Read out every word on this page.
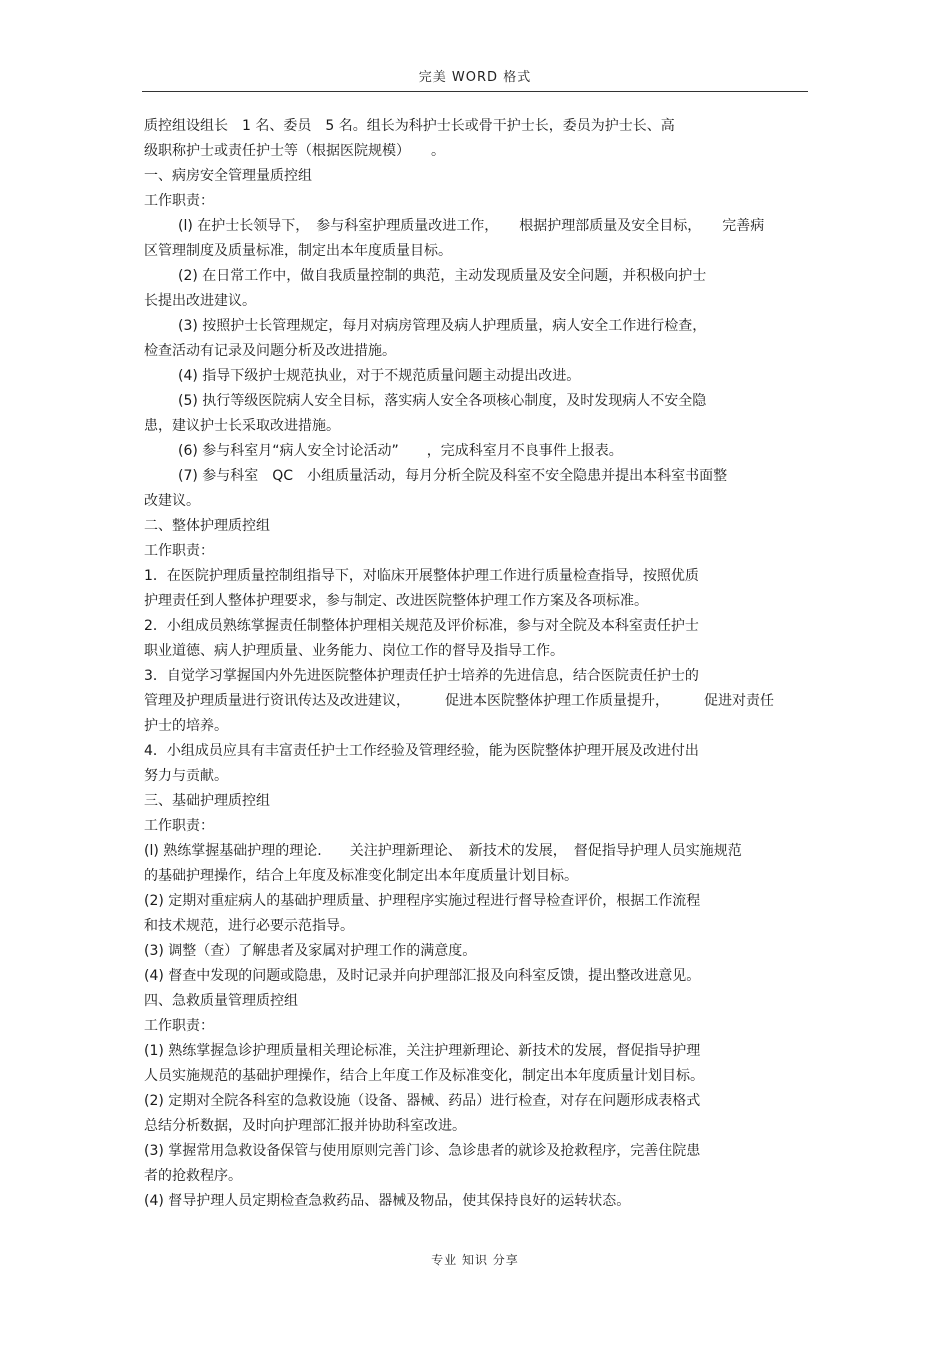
完美 WORD 格式
质控组设组长　1 名、委员　5 名。组长为科护士长或骨干护士长，委员为护士长、高
级职称护士或责任护士等（根据医院规模）　　。
一、病房安全管理量质控组
工作职责：
(l) 在护士长领导下，　参与科室护理质量改进工作，　　根据护理部质量及安全目标，　　完善病
区管理制度及质量标准，制定出本年度质量目标。
(2) 在日常工作中，做自我质量控制的典范，主动发现质量及安全问题，并积极向护士
长提出改进建议。
(3) 按照护士长管理规定，每月对病房管理及病人护理质量，病人安全工作进行检查，
检查活动有记录及问题分析及改进措施。
(4) 指导下级护士规范执业，对于不规范质量问题主动提出改进。
(5) 执行等级医院病人安全目标，落实病人安全各项核心制度，及时发现病人不安全隐
患，建议护士长采取改进措施。
(6) 参与科室月“病人安全讨论活动”　　，完成科室月不良事件上报表。
(7) 参与科室　QC　小组质量活动，每月分析全院及科室不安全隐患并提出本科室书面整
改建议。
二、整体护理质控组
工作职责：
1．在医院护理质量控制组指导下，对临床开展整体护理工作进行质量检查指导，按照优质
护理责任到人整体护理要求，参与制定、改进医院整体护理工作方案及各项标准。
2．小组成员熟练掌握责任制整体护理相关规范及评价标准，参与对全院及本科室责任护士
职业道德、病人护理质量、业务能力、岗位工作的督导及指导工作。
3．自觉学习掌握国内外先进医院整体护理责任护士培养的先进信息，结合医院责任护士的
管理及护理质量进行资讯传达及改进建议，　　　促进本医院整体护理工作质量提升，　　　促进对责任
护士的培养。
4．小组成员应具有丰富责任护士工作经验及管理经验，能为医院整体护理开展及改进付出
努力与贡献。
三、基础护理质控组
工作职责：
(l) 熟练掌握基础护理的理论.　　关注护理新理论、　新技术的发展，　督促指导护理人员实施规范
的基础护理操作，结合上年度及标准变化制定出本年度质量计划目标。
(2) 定期对重症病人的基础护理质量、护理程序实施过程进行督导检查评价，根据工作流程
和技术规范，进行必要示范指导。
(3) 调整（查）了解患者及家属对护理工作的满意度。
(4) 督查中发现的问题或隐患，及时记录并向护理部汇报及向科室反馈，提出整改进意见。
四、急救质量管理质控组
工作职责：
(1) 熟练掌握急诊护理质量相关理论标准，关注护理新理论、新技术的发展，督促指导护理
人员实施规范的基础护理操作，结合上年度工作及标准变化，制定出本年度质量计划目标。
(2) 定期对全院各科室的急救设施（设备、器械、药品）进行检查，对存在问题形成表格式
总结分析数据，及时向护理部汇报并协助科室改进。
(3) 掌握常用急救设备保管与使用原则完善门诊、急诊患者的就诊及抢救程序，完善住院患
者的抢救程序。
(4) 督导护理人员定期检查急救药品、器械及物品，使其保持良好的运转状态。
专业 知识 分享
